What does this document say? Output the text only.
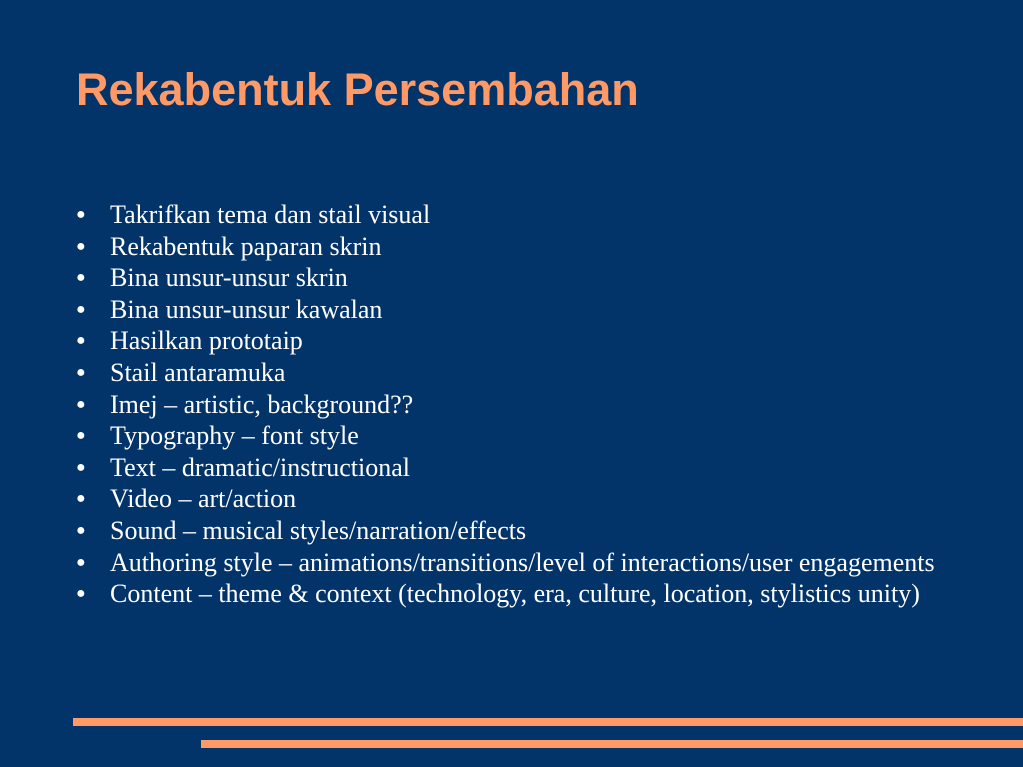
Rekabentuk Persembahan
● Takrifkan tema dan stail visual
● Rekabentuk paparan skrin
● Bina unsur-unsur skrin
● Bina unsur-unsur kawalan
● Hasilkan prototaip
● Stail antaramuka
● Imej – artistic, background??
● Typography – font style
● Text – dramatic/instructional
● Video – art/action
● Sound – musical styles/narration/effects
● Authoring style – animations/transitions/level of interactions/user engagements
● Content – theme & context (technology, era, culture, location, stylistics unity)
